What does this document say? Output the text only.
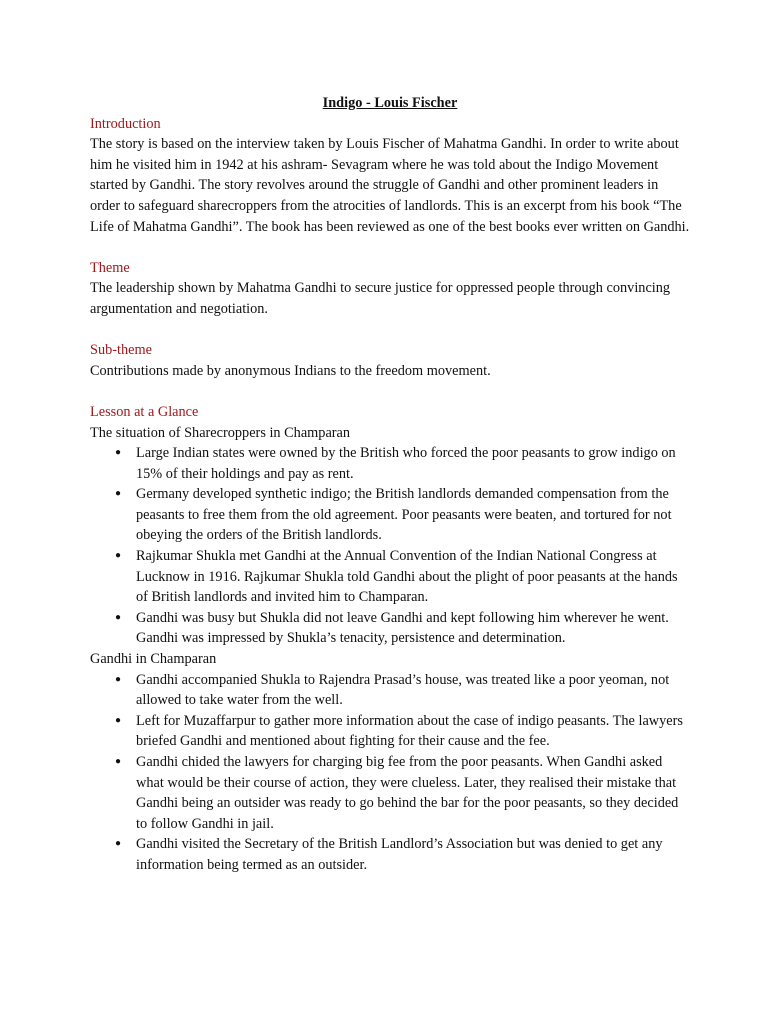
Indigo - Louis Fischer

Introduction

The story is based on the interview taken by Louis Fischer of Mahatma Gandhi. In order to write about him he visited him in 1942 at his ashram- Sevagram where he was told about the Indigo Movement started by Gandhi. The story revolves around the struggle of Gandhi and other prominent leaders in order to safeguard sharecroppers from the atrocities of landlords. This is an excerpt from his book “The Life of Mahatma Gandhi”. The book has been reviewed as one of the best books ever written on Gandhi.

Theme

The leadership shown by Mahatma Gandhi to secure justice for oppressed people through convincing argumentation and negotiation.

Sub-theme

Contributions made by anonymous Indians to the freedom movement.

Lesson at a Glance

The situation of Sharecroppers in Champaran

● Large Indian states were owned by the British who forced the poor peasants to grow indigo on 15% of their holdings and pay as rent.
● Germany developed synthetic indigo; the British landlords demanded compensation from the peasants to free them from the old agreement. Poor peasants were beaten, and tortured for not obeying the orders of the British landlords.
● Rajkumar Shukla met Gandhi at the Annual Convention of the Indian National Congress at Lucknow in 1916. Rajkumar Shukla told Gandhi about the plight of poor peasants at the hands of British landlords and invited him to Champaran.
● Gandhi was busy but Shukla did not leave Gandhi and kept following him wherever he went. Gandhi was impressed by Shukla’s tenacity, persistence and determination.

Gandhi in Champaran

● Gandhi accompanied Shukla to Rajendra Prasad’s house, was treated like a poor yeoman, not allowed to take water from the well.
● Left for Muzaffarpur to gather more information about the case of indigo peasants. The lawyers briefed Gandhi and mentioned about fighting for their cause and the fee.
● Gandhi chided the lawyers for charging big fee from the poor peasants. When Gandhi asked what would be their course of action, they were clueless. Later, they realised their mistake that Gandhi being an outsider was ready to go behind the bar for the poor peasants, so they decided to follow Gandhi in jail.
● Gandhi visited the Secretary of the British Landlord’s Association but was denied to get any information being termed as an outsider.
